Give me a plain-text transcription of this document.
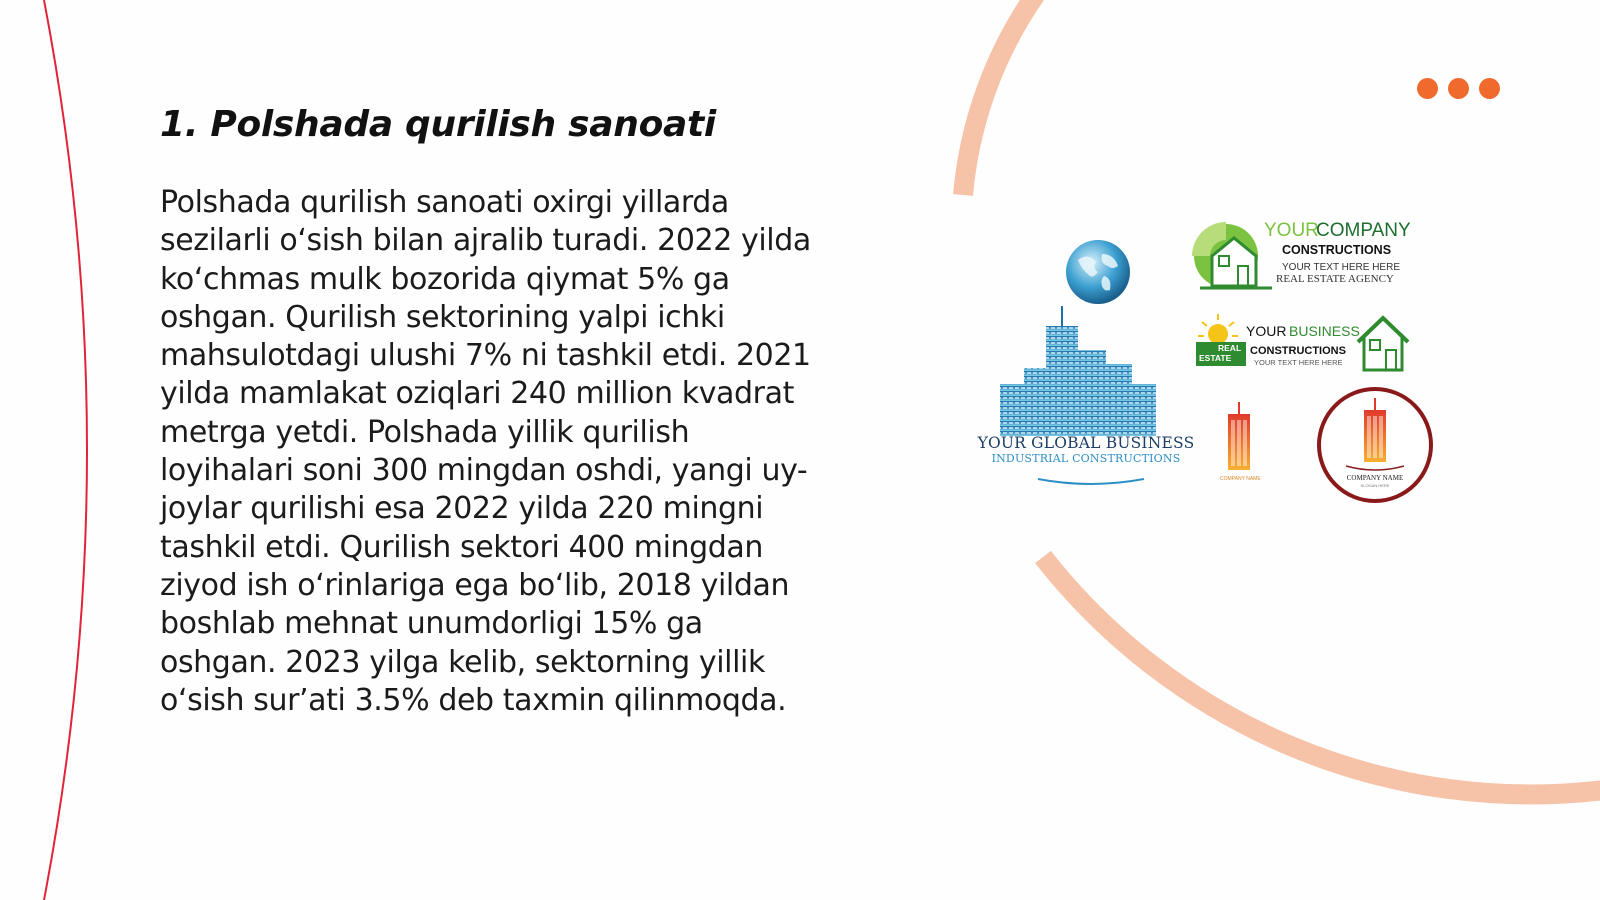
1. Polshada qurilish sanoati

Polshada qurilish sanoati oxirgi yillarda sezilarli o‘sish bilan ajralib turadi. 2022 yilda ko‘chmas mulk bozorida qiymat 5% ga oshgan. Qurilish sektorining yalpi ichki mahsulotdagi ulushi 7% ni tashkil etdi. 2021 yilda mamlakat oziqlari 240 million kvadrat metrga yetdi. Polshada yillik qurilish loyihalari soni 300 mingdan oshdi, yangi uy-joylar qurilishi esa 2022 yilda 220 mingni tashkil etdi. Qurilish sektori 400 mingdan ziyod ish o‘rinlariga ega bo‘lib, 2018 yildan boshlab mehnat unumdorligi 15% ga oshgan. 2023 yilga kelib, sektorning yillik o‘sish sur’ati 3.5% deb taxmin qilinmoqda.

YOUR GLOBAL BUSINESS
INDUSTRIAL CONSTRUCTIONS
YOUR
COMPANY
CONSTRUCTIONS
YOUR TEXT HERE HERE
REAL ESTATE AGENCY
YOUR BUSINESS
REAL
ESTATE
CONSTRUCTIONS
YOUR TEXT HERE HERE
COMPANY NAME	COMPANY NAME
SLOGAN HERE
